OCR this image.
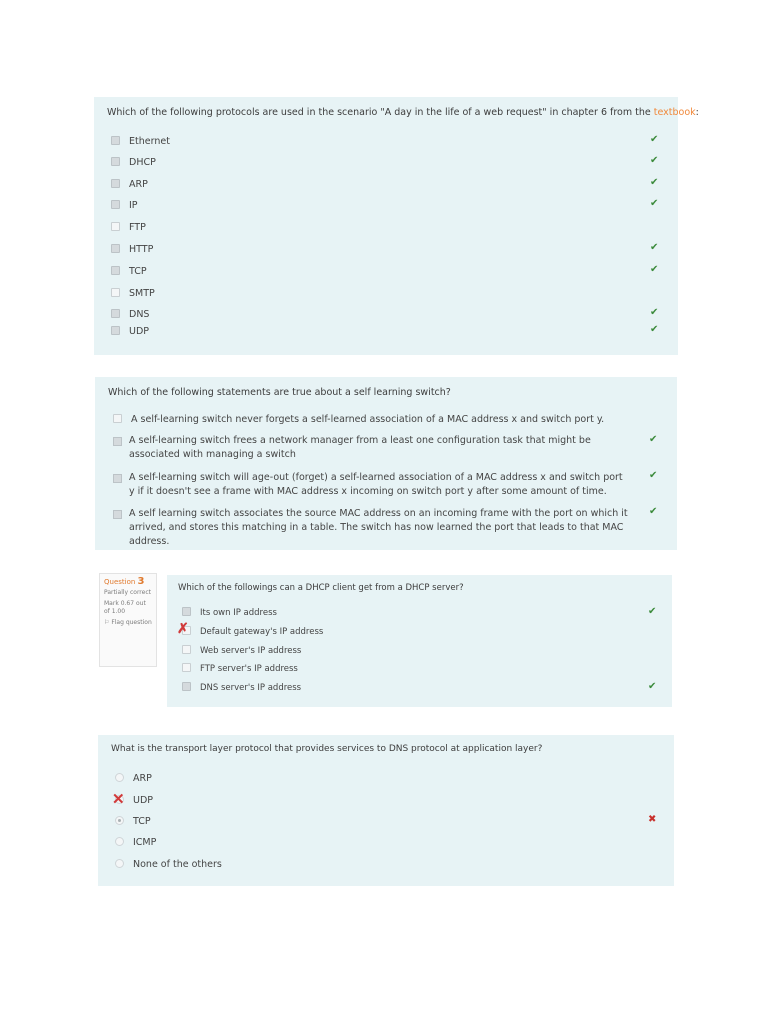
Which of the following protocols are used in the scenario "A day in the life of a web request" in chapter 6 from the textbook:
Ethernet
DHCP
ARP
IP
FTP
HTTP
TCP
SMTP
DNS
UDP
✔
✔
✔
✔
✔
✔
✔
✔
Which of the following statements are true about a self learning switch?
A self-learning switch never forgets a self-learned association of a MAC address x and switch port y.
A self-learning switch frees a network manager from a least one configuration task that might be associated with managing a switch
A self-learning switch will age-out (forget) a self-learned association of a MAC address x and switch port y if it doesn't see a frame with MAC address x incoming on switch port y after some amount of time.
A self learning switch associates the source MAC address on an incoming frame with the port on which it arrived, and stores this matching in a table. The switch has now learned the port that leads to that MAC address.
✔
✔
✔
Question 3
Partially correct
Mark 0.67 out of 1.00
⚐ Flag question
Which of the followings can a DHCP client get from a DHCP server?
Its own IP address
Default gateway's IP address
Web server's IP address
FTP server's IP address
DNS server's IP address
✗
✔
✔
What is the transport layer protocol that provides services to DNS protocol at application layer?
ARP
UDP
TCP
ICMP
None of the others
✕
✖
